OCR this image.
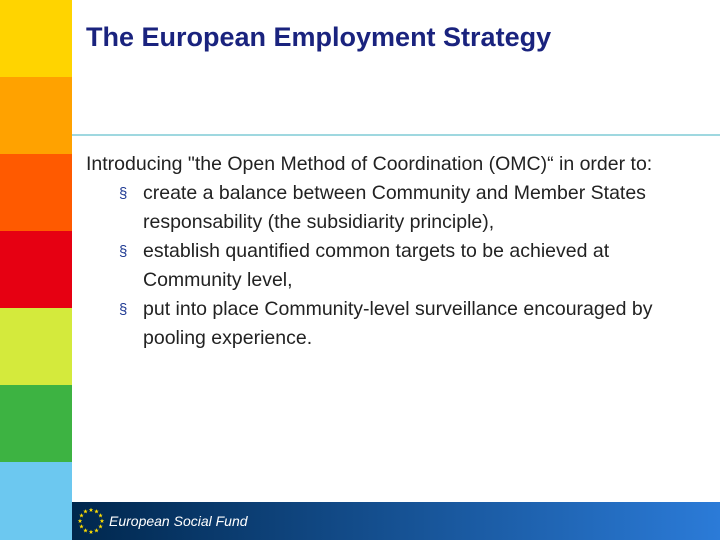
The European Employment Strategy

Introducing "the Open Method of Coordination (OMC)“ in order to:

§ create a balance between Community and Member States responsability (the subsidiarity principle),
§ establish quantified common targets to be achieved at Community level,
§ put into place Community-level surveillance encouraged by pooling experience.
European Social Fund
